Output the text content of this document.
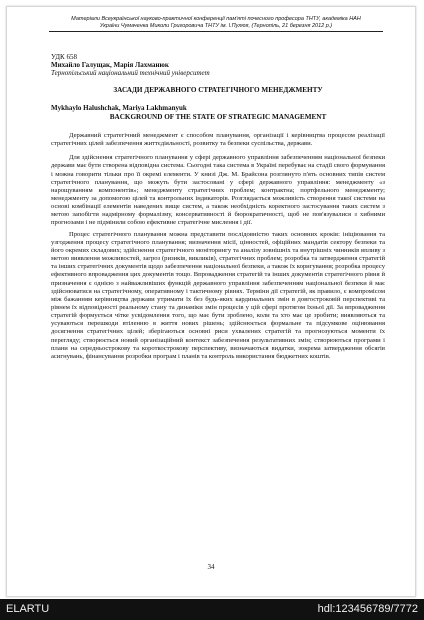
Матеріали Всеукраїнської науково-практичної конференції пам'яті почесного професора ТНТУ, академіка НАН
України Чумаченка Миколи Григоровича ТНТУ ім. І.Пулюя, (Тернопіль, 21 березня 2012 р.)
УДК 658
Михайло Галущак, Марія Лахманюк
Тернопільський національний технічний університет
ЗАСАДИ ДЕРЖАВНОГО СТРАТЕГІЧНОГО МЕНЕДЖМЕНТУ
Mykhaylo Halushchak, Mariya Lakhmanyuk
BACKGROUND OF THE STATE OF STRATEGIC MANAGEMENT
Державний стратегічний менеджмент є способом планування, організації і керівництва процесом реалізації стратегічних цілей забезпечення життєдіяльності, розвитку та безпеки суспільства, держави.

Для здійснення стратегічного планування у сфері державного управління забезпеченням національної безпеки держави має бути створена відповідна система. Сьогодні така система в Україні перебуває на стадії свого формування і можна говорити тільки про її окремі елементи. У книзі Дж. М. Брайсона розглянуто п'ять основних типів систем стратегічного планування, що можуть бути застосовані у сфері державного управління: менеджменту «з нарощуванням компонентів»; менеджменту стратегічних проблем; контрактна; портфельного менеджменту; менеджменту за допомогою цілей та контрольних індикаторів. Розглядається можливість створення такої системи на основі комбінації елементів наведених вище систем, а також необхідність коректного застосування таких систем з метою запобігти надмірному формалізму, консервативності й бюрократичності, щоб не пов'язувалися з хибними прогнозами і не підмінили собою ефективне стратегічне мислення і дії.

Процес стратегічного планування можна представити послідовністю таких основних кроків: ініціювання та узгодження процесу стратегічного планування; визначення місії, цінностей, офіційних мандатів сектору безпеки та його окремих складових; здійснення стратегічного моніторингу та аналізу зовнішніх та внутрішніх чинників впливу з метою виявлення можливостей, загроз (ризиків, викликів), стратегічних проблем; розробка та затвердження стратегій та інших стратегічних документів щодо забезпечення національної безпеки, а також їх коригування; розробка процесу ефективного впровадження цих документів тощо. Впровадження стратегій та інших документів стратегічного рівня й призначення є однією з найважливіших функцій державного управління забезпеченням національної безпеки й має здійснюватися на стратегічному, оперативному і тактичному рівнях. Терміни дії стратегій, як правило, є компромісом між бажанням керівництва держави утримати їх без будь-яких кардинальних змін в довгостроковій перспективі та рівнем їх відповідності реальному стану та динаміки змін процесів у цій сфері протягом їхньої дії. За впровадження стратегій формується чітке усвідомлення того, що має бути зроблено, коли та хто має це зробити; виявляються та усуваються перешкоди втіленню в життя нових рішень; здійснюється формальне та підсумкове оцінювання досягнення стратегічних цілей; зберігаються основні риси ухвалених стратегій та прогнозуються моменти їх перегляду; створюється новий організаційний контекст забезпечення результативних змін; створюються програми і плани на середньострокову та короткострокову перспективу, визначаються видатки, зокрема затвердження обсягів асигнувань, фінансування розробки програм і планів та контроль використання бюджетних коштів.

34
ELARTU	hdl:123456789/7772
